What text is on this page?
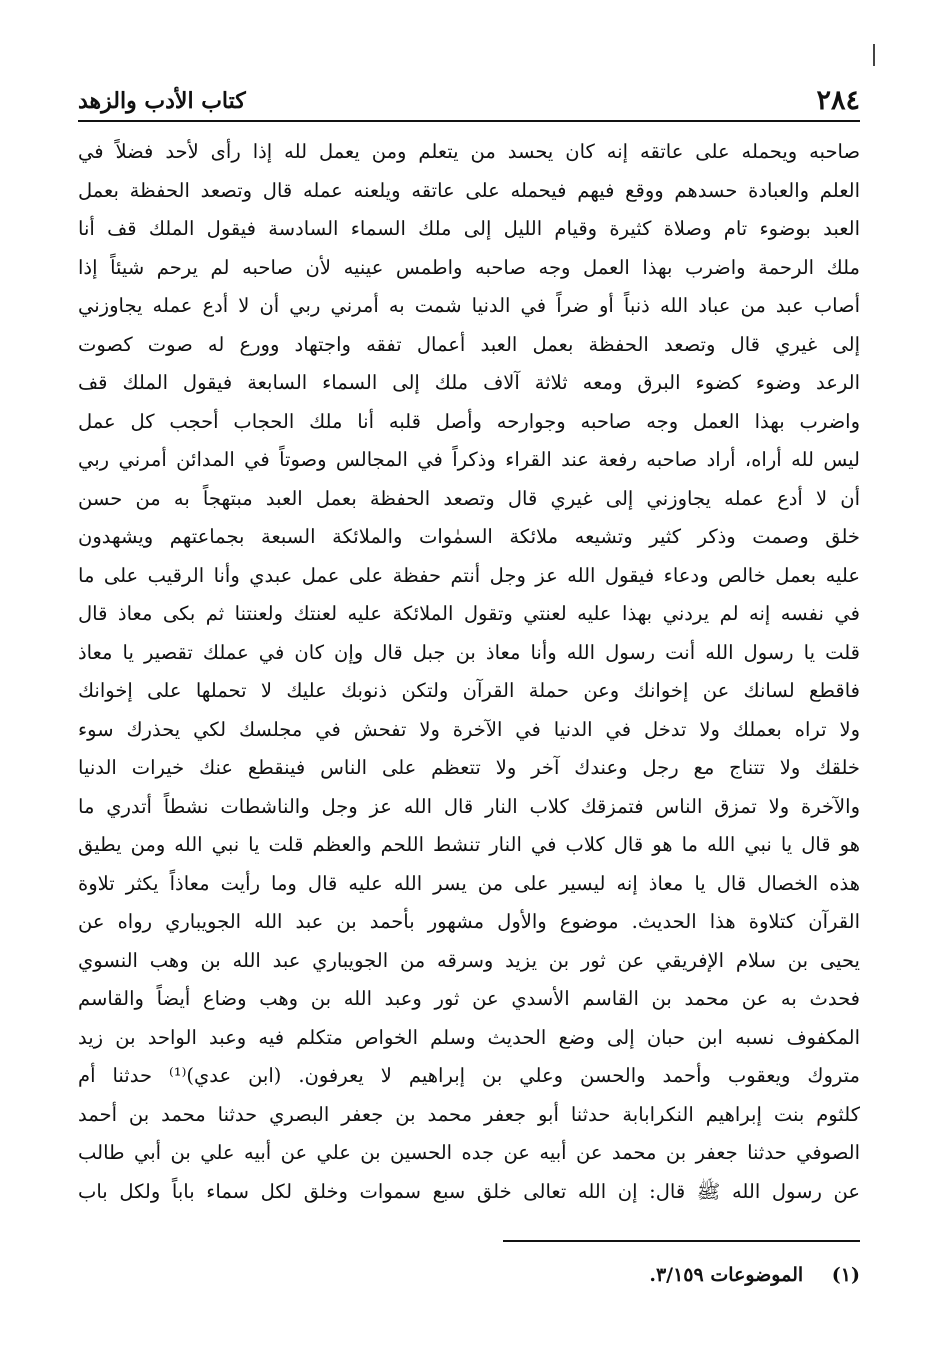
٢٨٤
كتاب الأدب والزهد
صاحبه ويحمله على عاتقه إنه كان يحسد من يتعلم ومن يعمل لله إذا رأى لأحد فضلاً في
العلم والعبادة حسدهم ووقع فيهم فيحمله على عاتقه ويلعنه عمله قال وتصعد الحفظة بعمل
العبد بوضوء تام وصلاة كثيرة وقيام الليل إلى ملك السماء السادسة فيقول الملك قف أنا
ملك الرحمة واضرب بهذا العمل وجه صاحبه واطمس عينيه لأن صاحبه لم يرحم شيئاً إذا
أصاب عبد من عباد الله ذنباً أو ضراً في الدنيا شمت به أمرني ربي أن لا أدع عمله يجاوزني
إلى غيري قال وتصعد الحفظة بعمل العبد أعمال تفقه واجتهاد وورع له صوت كصوت
الرعد وضوء كضوء البرق ومعه ثلاثة آلاف ملك إلى السماء السابعة فيقول الملك قف
واضرب بهذا العمل وجه صاحبه وجوارحه وأصل قلبه أنا ملك الحجاب أحجب كل عمل
ليس لله أراه، أراد صاحبه رفعة عند القراء وذكراً في المجالس وصوتاً في المدائن أمرني ربي
أن لا أدع عمله يجاوزني إلى غيري قال وتصعد الحفظة بعمل العبد مبتهجاً به من حسن
خلق وصمت وذكر كثير وتشيعه ملائكة السمٰوات والملائكة السبعة بجماعتهم ويشهدون
عليه بعمل خالص ودعاء فيقول الله عز وجل أنتم حفظة على عمل عبدي وأنا الرقيب على ما
في نفسه إنه لم يردني بهذا عليه لعنتي وتقول الملائكة عليه لعنتك ولعنتنا ثم بكى معاذ قال
قلت يا رسول الله أنت رسول الله وأنا معاذ بن جبل قال وإن كان في عملك تقصير يا معاذ
فاقطع لسانك عن إخوانك وعن حملة القرآن ولتكن ذنوبك عليك لا تحملها على إخوانك
ولا تراه بعملك ولا تدخل في الدنيا في الآخرة ولا تفحش في مجلسك لكي يحذرك سوء
خلقك ولا تتناج مع رجل وعندك آخر ولا تتعظم على الناس فينقطع عنك خيرات الدنيا
والآخرة ولا تمزق الناس فتمزقك كلاب النار قال الله عز وجل والناشطات نشطاً أتدري ما
هو قال يا نبي الله ما هو قال كلاب في النار تنشط اللحم والعظم قلت يا نبي الله ومن يطيق
هذه الخصال قال يا معاذ إنه ليسير على من يسر الله عليه قال وما رأيت معاذاً يكثر تلاوة
القرآن كتلاوة هذا الحديث. موضوع والأول مشهور بأحمد بن عبد الله الجويباري رواه عن
يحيى بن سلام الإفريقي عن ثور بن يزيد وسرقه من الجويباري عبد الله بن وهب النسوي
فحدث به عن محمد بن القاسم الأسدي عن ثور وعبد الله بن وهب وضاع أيضاً والقاسم
المكفوف نسبه ابن حبان إلى وضع الحديث وسلم الخواص متكلم فيه وعبد الواحد بن زيد
متروك ويعقوب وأحمد والحسن وعلي بن إبراهيم لا يعرفون. (ابن عدي)⁽¹⁾ حدثنا أم
كلثوم بنت إبراهيم النكرابابة حدثنا أبو جعفر محمد بن جعفر البصري حدثنا محمد بن أحمد
الصوفي حدثنا جعفر بن محمد عن أبيه عن جده الحسين بن علي عن أبيه علي بن أبي طالب
عن رسول الله ﷺ قال: إن الله تعالى خلق سبع سموات وخلق لكل سماء باباً ولكل باب
(١) الموضوعات ٣/١٥٩.
